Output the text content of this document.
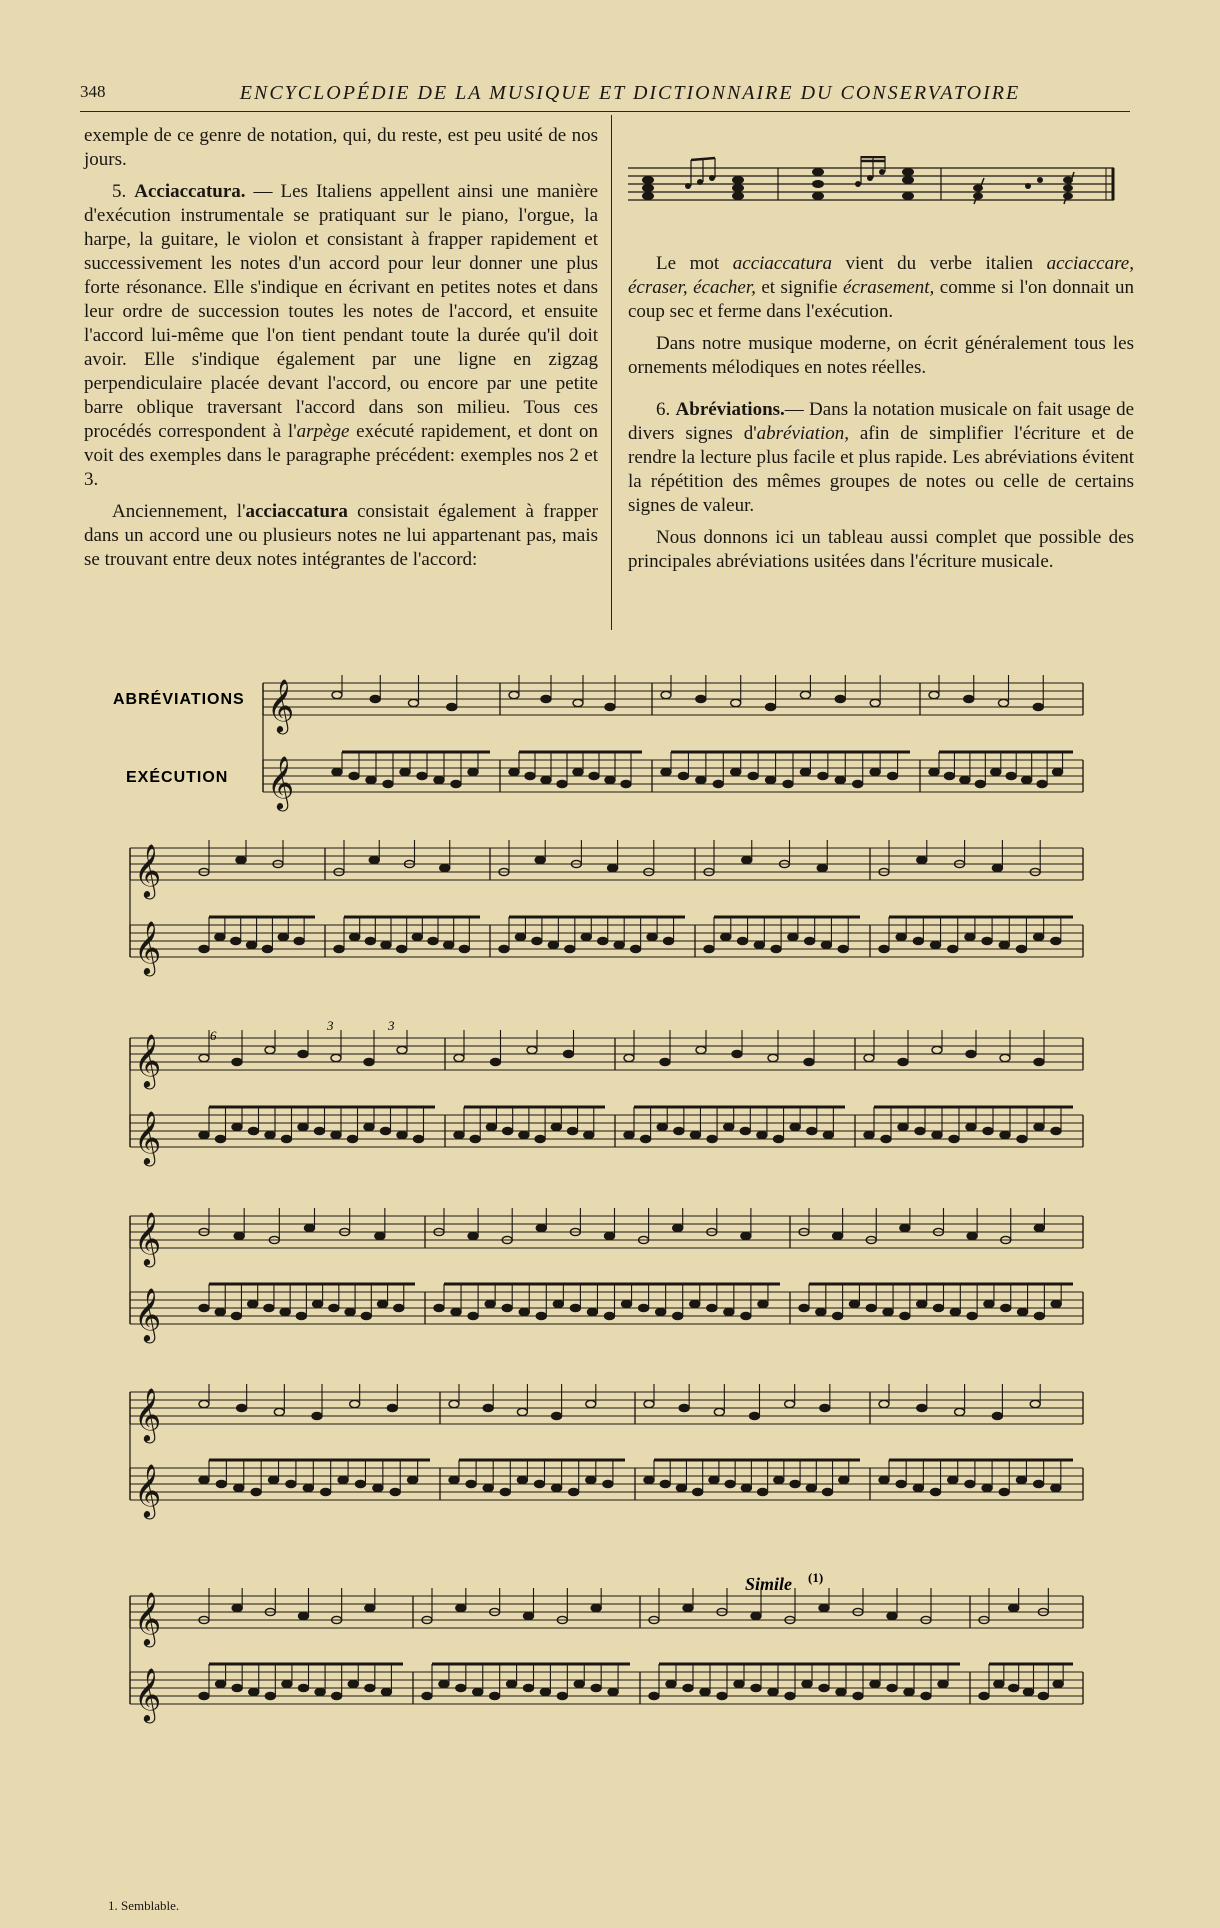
348	ENCYCLOPÉDIE DE LA MUSIQUE ET DICTIONNAIRE DU CONSERVATOIRE

exemple de ce genre de notation, qui, du reste, est peu usité de nos jours.

5. Acciaccatura. — Les Italiens appellent ainsi une manière d'exécution instrumentale se pratiquant sur le piano, l'orgue, la harpe, la guitare, le violon et consistant à frapper rapidement et successivement les notes d'un accord pour leur donner une plus forte résonance. Elle s'indique en écrivant en petites notes et dans leur ordre de succession toutes les notes de l'accord, et ensuite l'accord lui-même que l'on tient pendant toute la durée qu'il doit avoir. Elle s'indique également par une ligne en zigzag perpendiculaire placée devant l'accord, ou encore par une petite barre oblique traversant l'accord dans son milieu. Tous ces procédés correspondent à l'arpège exécuté rapidement, et dont on voit des exemples dans le paragraphe précédent: exemples nos 2 et 3.

Anciennement, l'acciaccatura consistait également à frapper dans un accord une ou plusieurs notes ne lui appartenant pas, mais se trouvant entre deux notes intégrantes de l'accord:

Le mot acciaccatura vient du verbe italien acciaccare, écraser, écacher, et signifie écrasement, comme si l'on donnait un coup sec et ferme dans l'exécution.

Dans notre musique moderne, on écrit généralement tous les ornements mélodiques en notes réelles.

6. Abréviations.— Dans la notation musicale on fait usage de divers signes d'abréviation, afin de simplifier l'écriture et de rendre la lecture plus facile et plus rapide. Les abréviations évitent la répétition des mêmes groupes de notes ou celle de certains signes de valeur.

Nous donnons ici un tableau aussi complet que possible des principales abréviations usitées dans l'écriture musicale.

ABRÉVIATIONS
EXÉCUTION
Simile (1)
6
3	3
𝄞
𝄞
𝄞
𝄞
𝄞
𝄞
𝄞
𝄞
𝄞
𝄞
𝄞
𝄞
1. Semblable.
